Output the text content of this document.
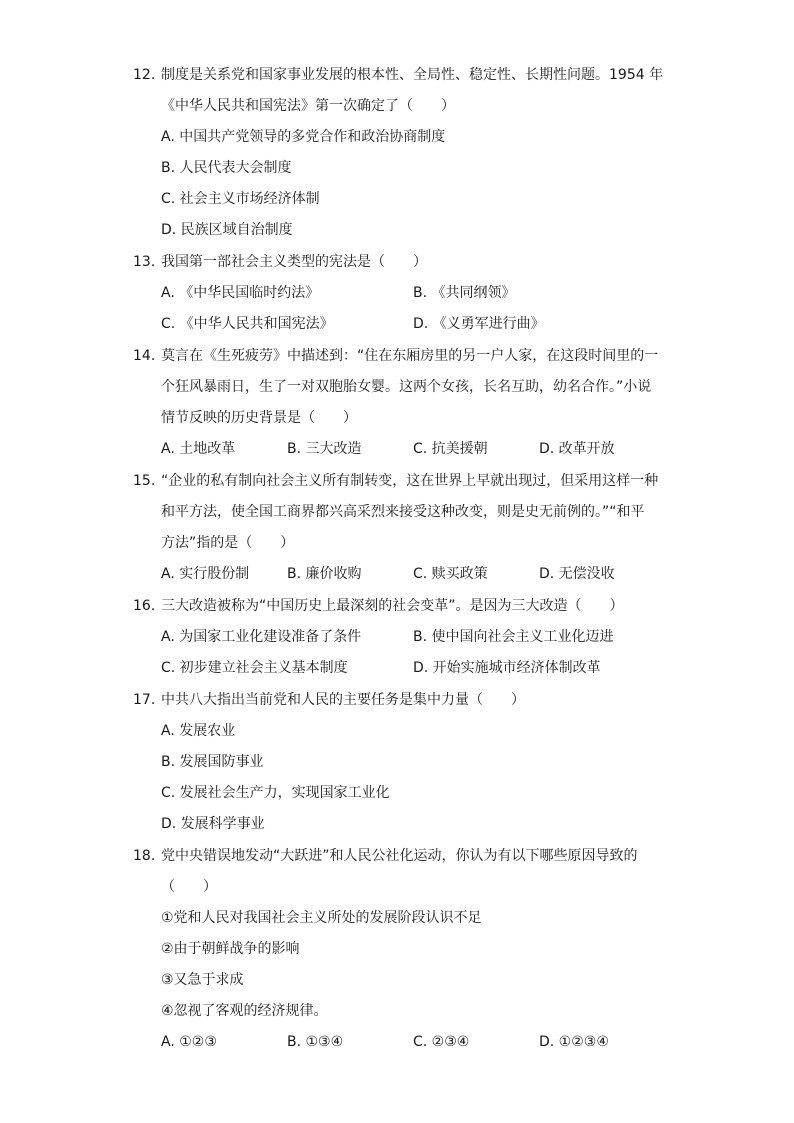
12. 制度是关系党和国家事业发展的根本性、全局性、稳定性、长期性问题。1954 年
《中华人民共和国宪法》第一次确定了（　　）
A. 中国共产党领导的多党合作和政治协商制度
B. 人民代表大会制度
C. 社会主义市场经济体制
D. 民族区域自治制度
13. 我国第一部社会主义类型的宪法是（　　）
A. 《中华民国临时约法》	B. 《共同纲领》
C. 《中华人民共和国宪法》	D. 《义勇军进行曲》
14. 莫言在《生死疲劳》中描述到：“住在东厢房里的另一户人家，在这段时间里的一
个狂风暴雨日，生了一对双胞胎女婴。这两个女孩，长名互助，幼名合作。”小说
情节反映的历史背景是（　　）
A. 土地改革	B. 三大改造	C. 抗美援朝	D. 改革开放
15. “企业的私有制向社会主义所有制转变，这在世界上早就出现过，但采用这样一种
和平方法，使全国工商界都兴高采烈来接受这种改变，则是史无前例的。”“和平
方法”指的是（　　）
A. 实行股份制	B. 廉价收购	C. 赎买政策	D. 无偿没收
16. 三大改造被称为“中国历史上最深刻的社会变革”。是因为三大改造（　　）
A. 为国家工业化建设准备了条件	B. 使中国向社会主义工业化迈进
C. 初步建立社会主义基本制度	D. 开始实施城市经济体制改革
17. 中共八大指出当前党和人民的主要任务是集中力量（　　）
A. 发展农业
B. 发展国防事业
C. 发展社会生产力，实现国家工业化
D. 发展科学事业
18. 党中央错误地发动“大跃进”和人民公社化运动，你认为有以下哪些原因导致的
（　　）
①党和人民对我国社会主义所处的发展阶段认识不足
②由于朝鲜战争的影响
③又急于求成
④忽视了客观的经济规律。
A. ①②③	B. ①③④	C. ②③④	D. ①②③④
